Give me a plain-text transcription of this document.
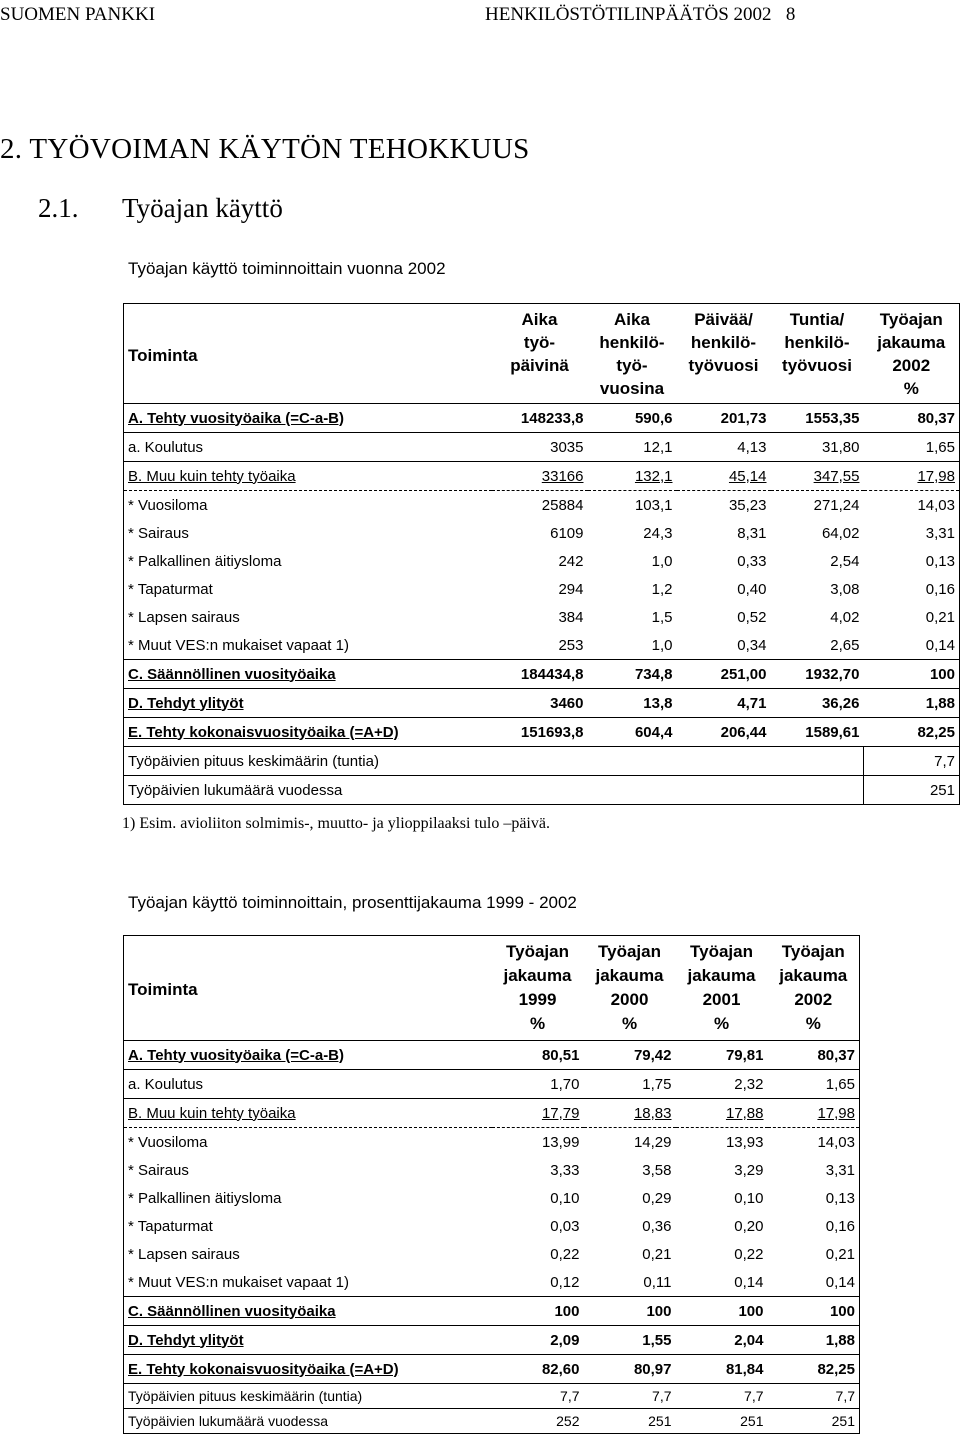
SUOMEN PANKKI	HENKILÖSTÖTILINPÄÄTÖS 2002 8
2. TYÖVOIMAN KÄYTÖN TEHOKKUUS
2.1. Työajan käyttö
Työajan käyttö toiminnoittain vuonna 2002
Toiminta	Aika
työ-
päivinä	Aika
henkilö-
työ-
vuosina	Päivää/
henkilö-
työvuosi	Tuntia/
henkilö-
työvuosi	Työajan
jakauma
2002
%
A. Tehty vuosityöaika (=C-a-B)	148233,8	590,6	201,73	1553,35	80,37
a. Koulutus	3035	12,1	4,13	31,80	1,65
B. Muu kuin tehty työaika	33166	132,1	45,14	347,55	17,98
* Vuosiloma	25884	103,1	35,23	271,24	14,03
* Sairaus	6109	24,3	8,31	64,02	3,31
* Palkallinen äitiysloma	242	1,0	0,33	2,54	0,13
* Tapaturmat	294	1,2	0,40	3,08	0,16
* Lapsen sairaus	384	1,5	0,52	4,02	0,21
* Muut VES:n mukaiset vapaat 1)	253	1,0	0,34	2,65	0,14
C. Säännöllinen vuosityöaika	184434,8	734,8	251,00	1932,70	100
D. Tehdyt ylityöt	3460	13,8	4,71	36,26	1,88
E. Tehty kokonaisvuosityöaika (=A+D)	151693,8	604,4	206,44	1589,61	82,25
Työpäivien pituus keskimäärin (tuntia)					7,7
Työpäivien lukumäärä vuodessa					251
1) Esim. avioliiton solmimis-, muutto- ja ylioppilaaksi tulo –päivä.
Työajan käyttö toiminnoittain, prosenttijakauma 1999 - 2002
Toiminta	Työajan
jakauma
1999
%	Työajan
jakauma
2000
%	Työajan
jakauma
2001
%	Työajan
jakauma
2002
%
A. Tehty vuosityöaika (=C-a-B)	80,51	79,42	79,81	80,37
a. Koulutus	1,70	1,75	2,32	1,65
B. Muu kuin tehty työaika	17,79	18,83	17,88	17,98
* Vuosiloma	13,99	14,29	13,93	14,03
* Sairaus	3,33	3,58	3,29	3,31
* Palkallinen äitiysloma	0,10	0,29	0,10	0,13
* Tapaturmat	0,03	0,36	0,20	0,16
* Lapsen sairaus	0,22	0,21	0,22	0,21
* Muut VES:n mukaiset vapaat 1)	0,12	0,11	0,14	0,14
C. Säännöllinen vuosityöaika	100	100	100	100
D. Tehdyt ylityöt	2,09	1,55	2,04	1,88
E. Tehty kokonaisvuosityöaika (=A+D)	82,60	80,97	81,84	82,25
Työpäivien pituus keskimäärin (tuntia)	7,7	7,7	7,7	7,7
Työpäivien lukumäärä vuodessa	252	251	251	251
